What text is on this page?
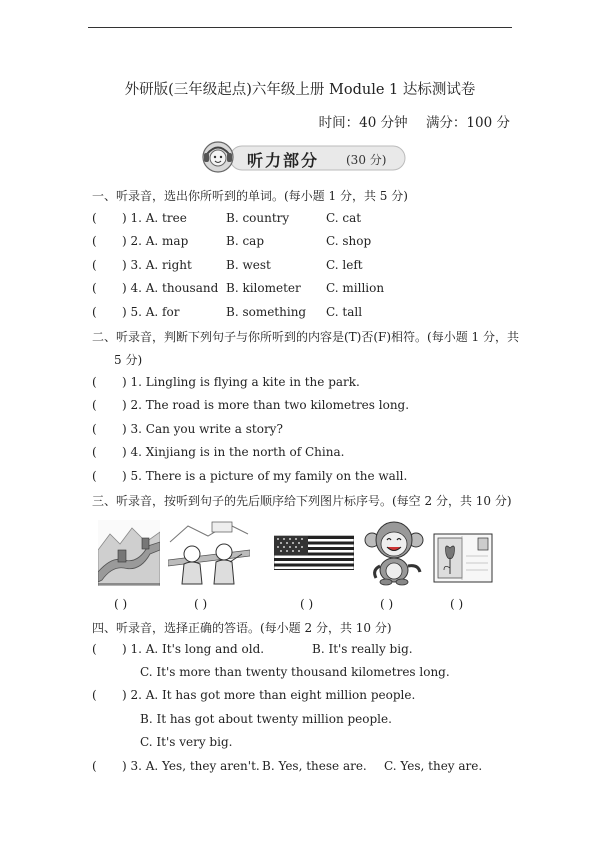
外研版(三年级起点)六年级上册 Module 1 达标测试卷
时间：40 分钟 满分：100 分
听力部分 (30 分)
一、听录音，选出你所听到的单词。(每小题 1 分，共 5 分)
( ) 1. A. tree	B. country	C. cat
( ) 2. A. map	B. cap	C. shop
( ) 3. A. right	B. west	C. left
( ) 4. A. thousand B. kilometer C. million
( ) 5. A. for	B. something C. tall
二、听录音，判断下列句子与你所听到的内容是(T)否(F)相符。(每小题 1 分，共
5 分)
( ) 1. Lingling is flying a kite in the park.
( ) 2. The road is more than two kilometres long.
( ) 3. Can you write a story?
( ) 4. Xinjiang is in the north of China.
( ) 5. There is a picture of my family on the wall.
三、听录音，按听到句子的先后顺序给下列图片标序号。(每空 2 分，共 10 分)
( )	( )	( )	( )	( )
四、听录音，选择正确的答语。(每小题 2 分，共 10 分)
( ) 1. A. It's long and old.	B. It's really big.
C. It's more than twenty thousand kilometres long.
( ) 2. A. It has got more than eight million people.
B. It has got about twenty million people.
C. It's very big.
( ) 3. A. Yes, they aren't. B. Yes, these are. C. Yes, they are.
